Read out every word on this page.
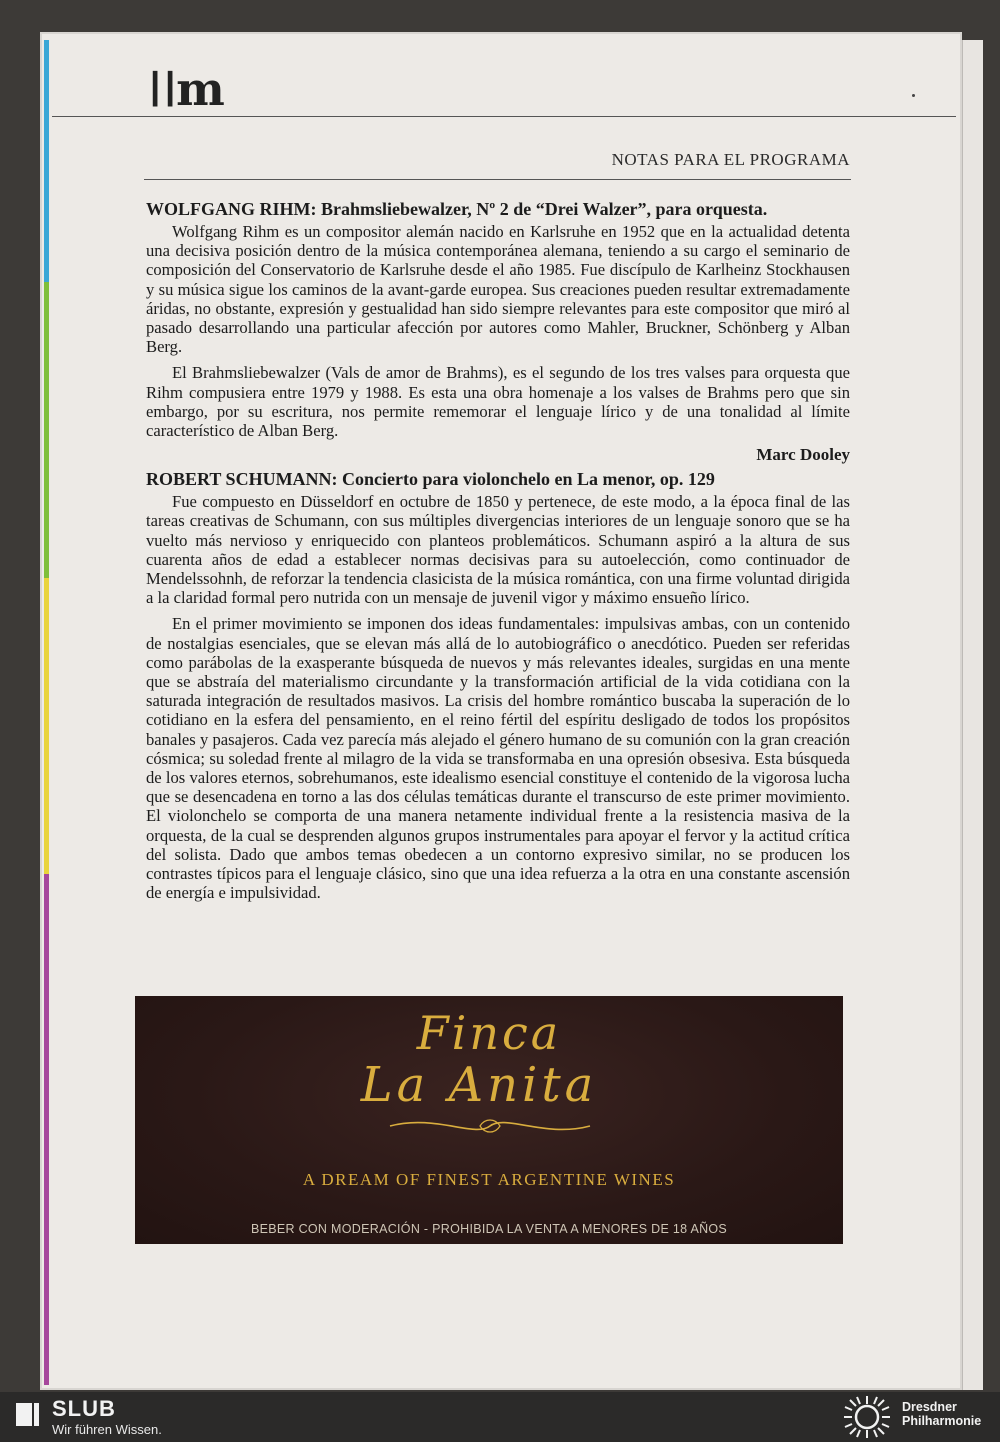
┃┃m
NOTAS PARA EL PROGRAMA
WOLFGANG RIHM: Brahmsliebewalzer, Nº 2 de “Drei Walzer”, para orquesta.

Wolfgang Rihm es un compositor alemán nacido en Karlsruhe en 1952 que en la actualidad detenta una decisiva posición dentro de la música contemporánea alemana, teniendo a su cargo el seminario de composición del Conservatorio de Karlsruhe desde el año 1985. Fue discípulo de Karlheinz Stockhausen y su música sigue los caminos de la avant-garde europea. Sus creaciones pueden resultar extremadamente áridas, no obstante, expresión y gestualidad han sido siempre relevantes para este compositor que miró al pasado desarrollando una particular afección por autores como Mahler, Bruckner, Schönberg y Alban Berg.

El Brahmsliebewalzer (Vals de amor de Brahms), es el segundo de los tres valses para orquesta que Rihm compusiera entre 1979 y 1988. Es esta una obra homenaje a los valses de Brahms pero que sin embargo, por su escritura, nos permite rememorar el lenguaje lírico y de una tonalidad al límite característico de Alban Berg.

Marc Dooley
ROBERT SCHUMANN: Concierto para violonchelo en La menor, op. 129

Fue compuesto en Düsseldorf en octubre de 1850 y pertenece, de este modo, a la época final de las tareas creativas de Schumann, con sus múltiples divergencias interiores de un lenguaje sonoro que se ha vuelto más nervioso y enriquecido con planteos problemáticos. Schumann aspiró a la altura de sus cuarenta años de edad a establecer normas decisivas para su autoelección, como continuador de Mendelssohnh, de reforzar la tendencia clasicista de la música romántica, con una firme voluntad dirigida a la claridad formal pero nutrida con un mensaje de juvenil vigor y máximo ensueño lírico.

En el primer movimiento se imponen dos ideas fundamentales: impulsivas ambas, con un contenido de nostalgias esenciales, que se elevan más allá de lo autobiográfico o anecdótico. Pueden ser referidas como parábolas de la exasperante búsqueda de nuevos y más relevantes ideales, surgidas en una mente que se abstraía del materialismo circundante y la transformación artificial de la vida cotidiana con la saturada integración de resultados masivos. La crisis del hombre romántico buscaba la superación de lo cotidiano en la esfera del pensamiento, en el reino fértil del espíritu desligado de todos los propósitos banales y pasajeros. Cada vez parecía más alejado el género humano de su comunión con la gran creación cósmica; su soledad frente al milagro de la vida se transformaba en una opresión obsesiva. Esta búsqueda de los valores eternos, sobrehumanos, este idealismo esencial constituye el contenido de la vigorosa lucha que se desencadena en torno a las dos células temáticas durante el transcurso de este primer movimiento. El violonchelo se comporta de una manera netamente individual frente a la resistencia masiva de la orquesta, de la cual se desprenden algunos grupos instrumentales para apoyar el fervor y la actitud crítica del solista. Dado que ambos temas obedecen a un contorno expresivo similar, no se producen los contrastes típicos para el lenguaje clásico, sino que una idea refuerza a la otra en una constante ascensión de energía e impulsividad.

Finca
La Anita
A DREAM OF FINEST ARGENTINE WINES
BEBER CON MODERACIÓN - PROHIBIDA LA VENTA A MENORES DE 18 AÑOS
SLUB
Wir führen Wissen.
Dresdner
Philharmonie
